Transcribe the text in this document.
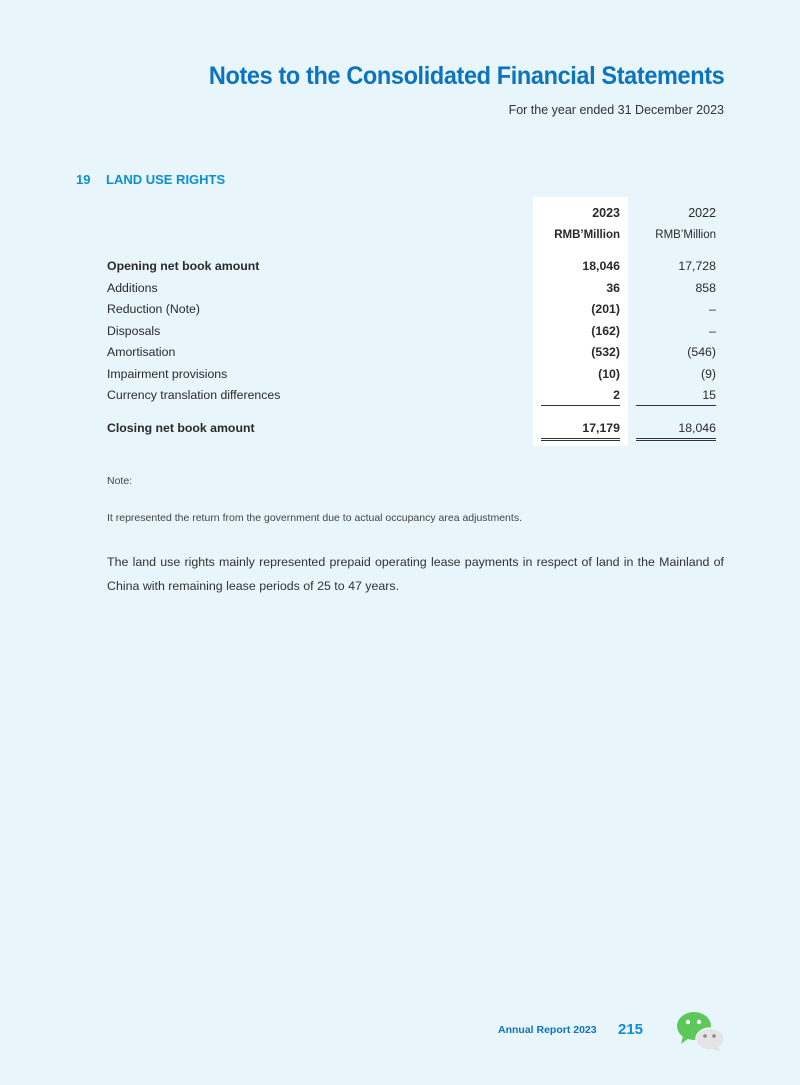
Notes to the Consolidated Financial Statements
For the year ended 31 December 2023
19 LAND USE RIGHTS
2023	2022
RMB’Million	RMB’Million
Opening net book amount	18,046	17,728
Additions	36	858
Reduction (Note)	(201)	–
Disposals	(162)	–
Amortisation	(532)	(546)
Impairment provisions	(10)	(9)
Currency translation differences	2	15
Closing net book amount	17,179	18,046
Note:
It represented the return from the government due to actual occupancy area adjustments.
The land use rights mainly represented prepaid operating lease payments in respect of land in the Mainland of China with remaining lease periods of 25 to 47 years.
Annual Report 2023 215
